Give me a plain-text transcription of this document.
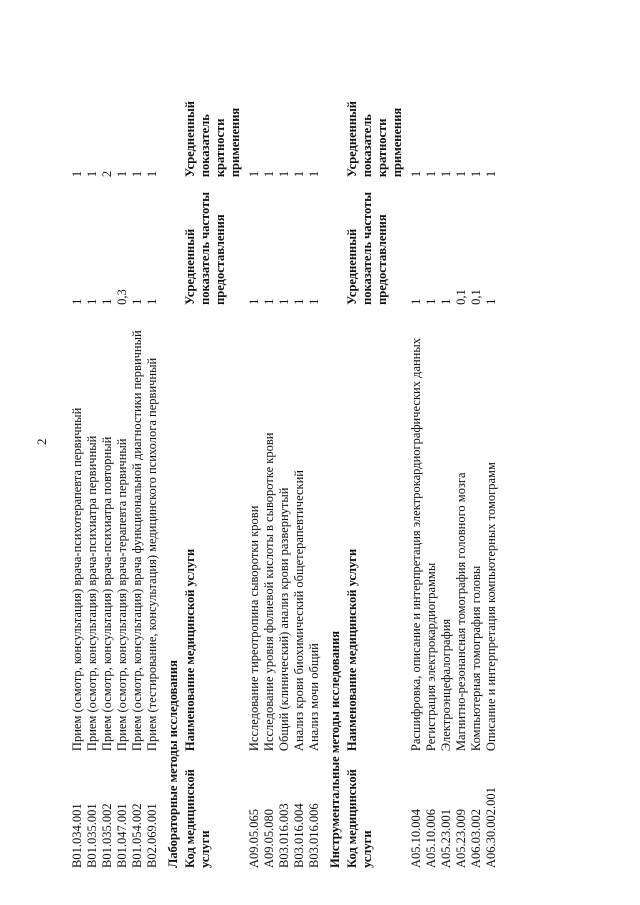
2
B01.034.001	Прием (осмотр, консультация) врача-психотерапевта первичный	1	1
B01.035.001	Прием (осмотр, консультация) врача-психиатра первичный	1	1
B01.035.002	Прием (осмотр, консультация) врача-психиатра повторный	1	2
B01.047.001	Прием (осмотр, консультация) врача-терапевта первичный	0,3	1
B01.054.002	Прием (осмотр, консультация) врача функциональной диагностики первичный	1	1
B02.069.001	Прием (тестирование, консультация) медицинского психолога первичный	1	1
Лабораторные методы исследования			
Код медицинской услуги	Наименование медицинской услуги	Усредненный показатель частоты предоставления	Усредненный показатель кратности применения
A09.05.065	Исследование тиреотропина сыворотки крови	1	1
A09.05.080	Исследование уровня фолиевой кислоты в сыворотке крови	1	1
B03.016.003	Общий (клинический) анализ крови развернутый	1	1
B03.016.004	Анализ крови биохимический общетерапевтический	1	1
B03.016.006	Анализ мочи общий	1	1
Инструментальные методы исследования			
Код медицинской услуги	Наименование медицинской услуги	Усредненный показатель частоты предоставления	Усредненный показатель кратности применения
A05.10.004	Расшифровка, описание и интерпретация электрокардиографических данных	1	1
A05.10.006	Регистрация электрокардиограммы	1	1
A05.23.001	Электроэнцефалография	1	1
A05.23.009	Магнитно-резонансная томография головного мозга	0,1	1
A06.03.002	Компьютерная томография головы	0,1	1
A06.30.002.001	Описание и интерпретация компьютерных томограмм	1	1
